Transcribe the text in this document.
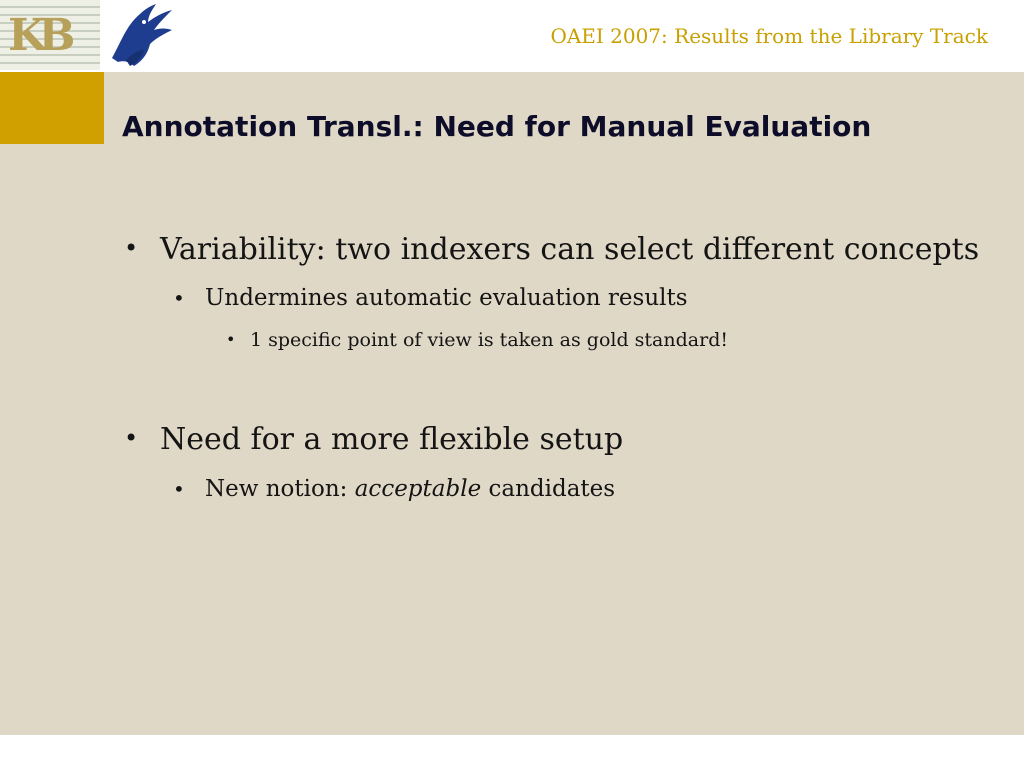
KB	OAEI 2007: Results from the Library Track
Annotation Transl.: Need for Manual Evaluation
• Variability: two indexers can select different concepts
• Undermines automatic evaluation results
• 1 specific point of view is taken as gold standard!
• Need for a more flexible setup
• New notion: acceptable candidates
